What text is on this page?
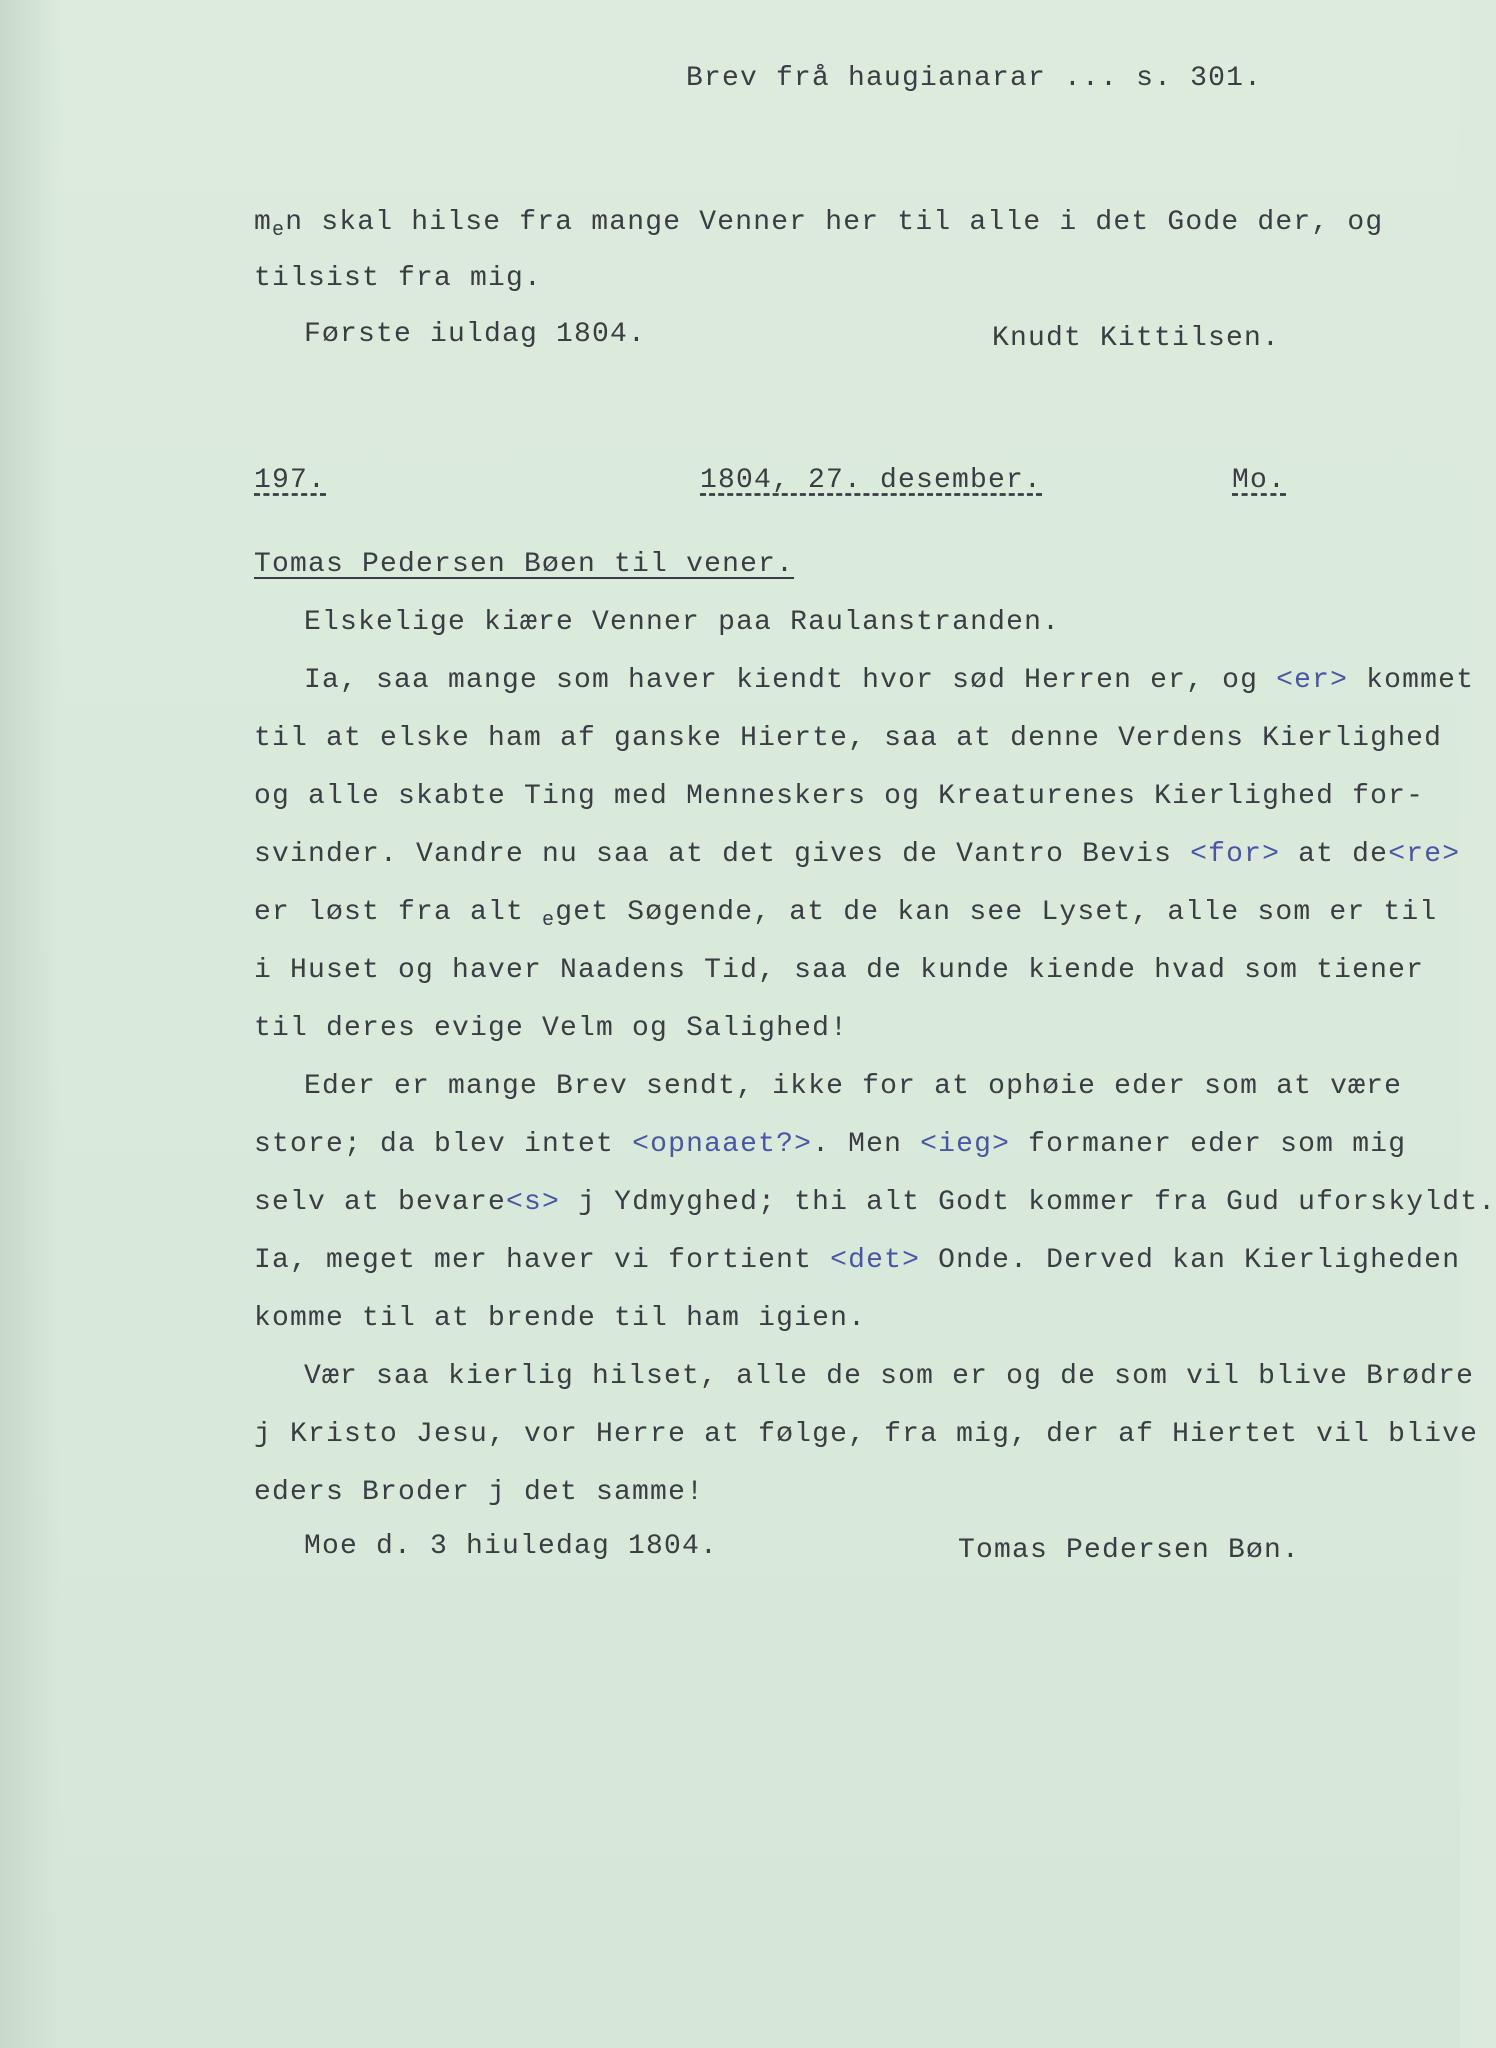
Brev frå haugianarar ... s. 301.
$m_en$ skal hilse fra mange Venner her til alle i det Gode der, og
tilsist fra mig.
Første iuldag 1804.	Knudt Kittilsen.
197.	1804, 27. desember.	Mo.
Tomas Pedersen Bøen til vener.
Elskelige kiære Venner paa Raulanstranden.
Ia, saa mange som haver kiendt hvor sød Herren er, og <er> kommet
til at elske ham af ganske Hierte, saa at denne Verdens Kierlighed
og alle skabte Ting med Menneskers og Kreaturenes Kierlighed for-
svinder. Vandre nu saa at det gives de Vantro Bevis <for> at de<re>
er løst fra alt $_e$get Søgende, at de kan see Lyset, alle som er til
i Huset og haver Naadens Tid, saa de kunde kiende hvad som tiener
til deres evige Velm og Salighed!
Eder er mange Brev sendt, ikke for at ophøie eder som at være
store; da blev intet <opnaaet?>. Men <ieg> formaner eder som mig
selv at bevare<s> j Ydmyghed; thi alt Godt kommer fra Gud uforskyldt.
Ia, meget mer haver vi fortient <det> Onde. Derved kan Kierligheden
komme til at brende til ham igien.
Vær saa kierlig hilset, alle de som er og de som vil blive Brødre
j Kristo Jesu, vor Herre at følge, fra mig, der af Hiertet vil blive
eders Broder j det samme!
Moe d. 3 hiuledag 1804.	Tomas Pedersen Bøn.
